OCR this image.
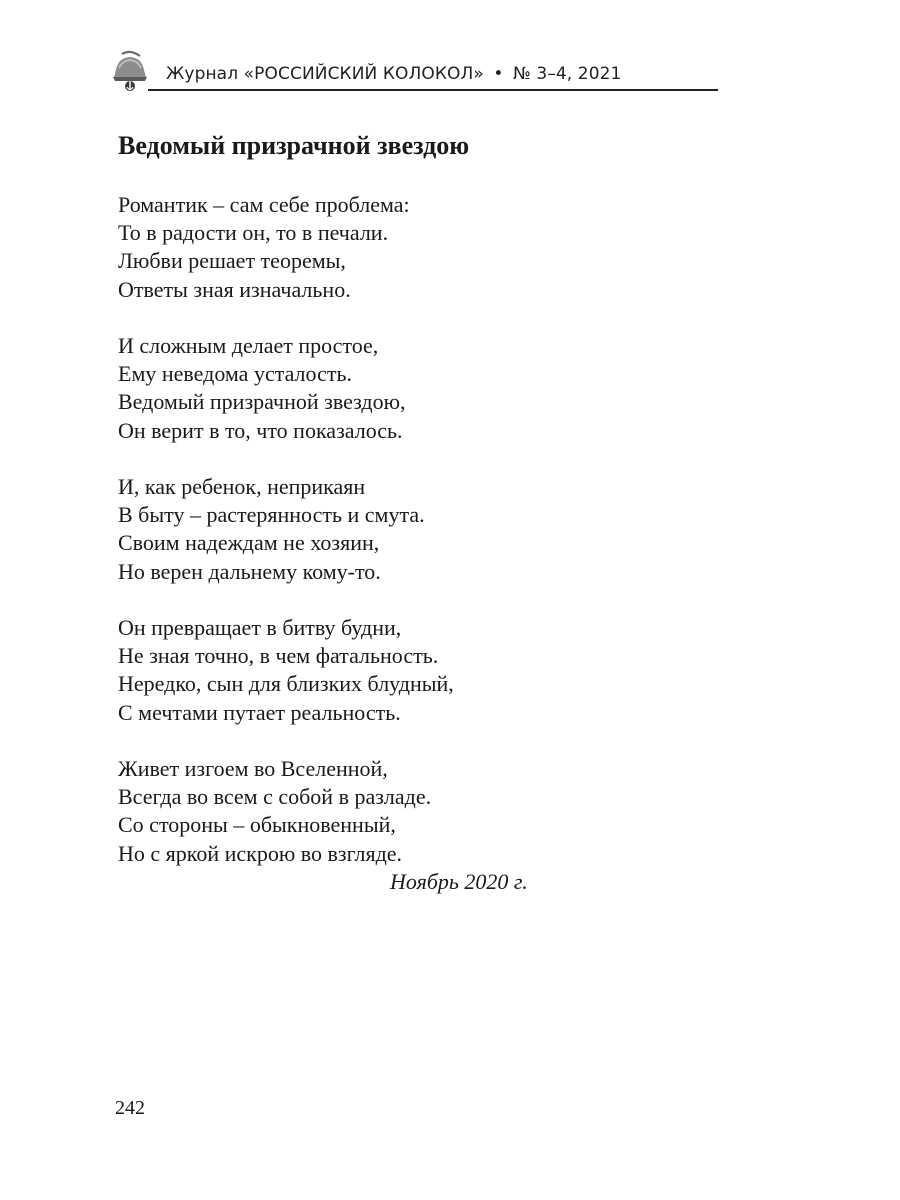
Журнал «РОССИЙСКИЙ КОЛОКОЛ» • № 3–4, 2021
Ведомый призрачной звездою
Романтик – сам себе проблема:
То в радости он, то в печали.
Любви решает теоремы,
Ответы зная изначально.
И сложным делает простое,
Ему неведома усталость.
Ведомый призрачной звездою,
Он верит в то, что показалось.
И, как ребенок, неприкаян
В быту – растерянность и смута.
Своим надеждам не хозяин,
Но верен дальнему кому-то.
Он превращает в битву будни,
Не зная точно, в чем фатальность.
Нередко, сын для близких блудный,
С мечтами путает реальность.
Живет изгоем во Вселенной,
Всегда во всем с собой в разладе.
Со стороны – обыкновенный,
Но с яркой искрою во взгляде.
Ноябрь 2020 г.
242
